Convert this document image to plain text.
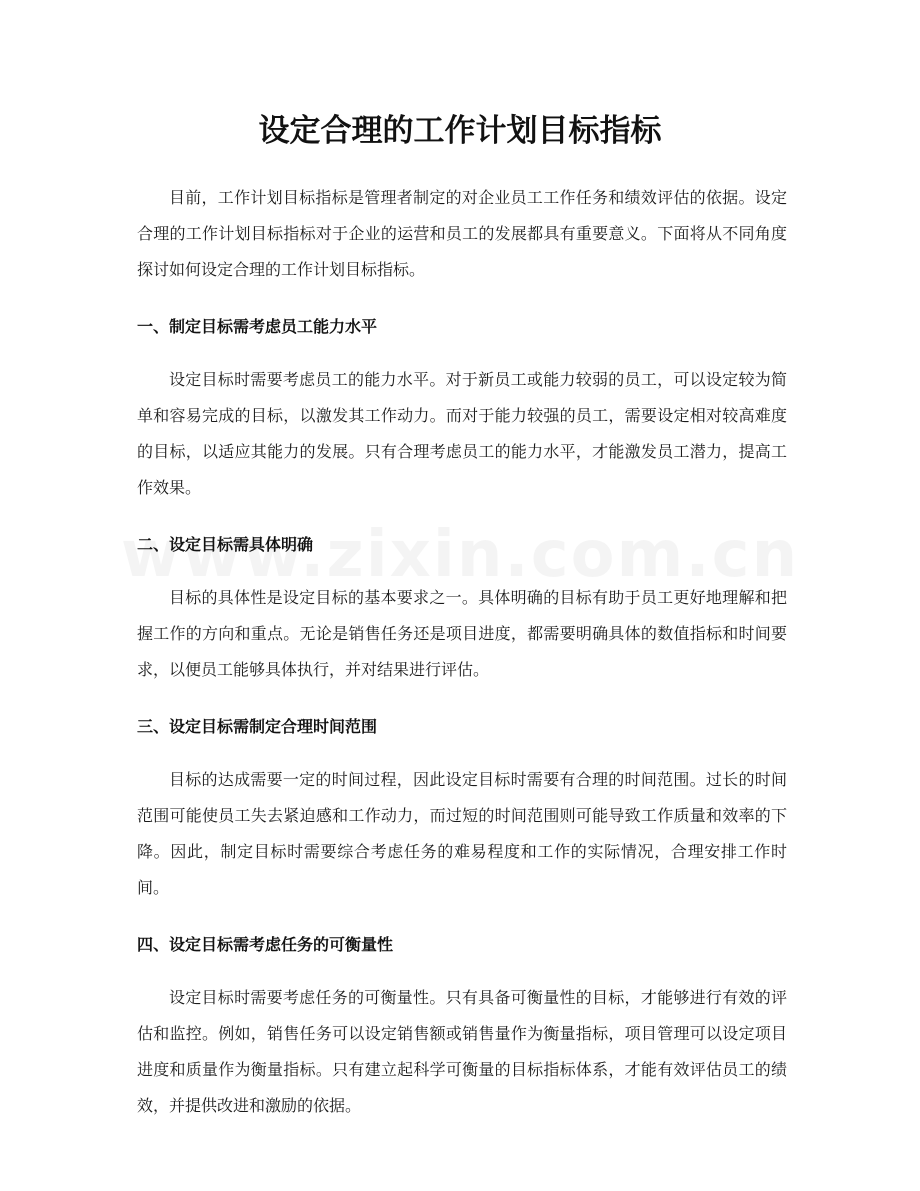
设定合理的工作计划目标指标

目前，工作计划目标指标是管理者制定的对企业员工工作任务和绩效评估的依据。设定合理的工作计划目标指标对于企业的运营和员工的发展都具有重要意义。下面将从不同角度探讨如何设定合理的工作计划目标指标。

一、制定目标需考虑员工能力水平

设定目标时需要考虑员工的能力水平。对于新员工或能力较弱的员工，可以设定较为简单和容易完成的目标，以激发其工作动力。而对于能力较强的员工，需要设定相对较高难度的目标，以适应其能力的发展。只有合理考虑员工的能力水平，才能激发员工潜力，提高工作效果。

二、设定目标需具体明确

目标的具体性是设定目标的基本要求之一。具体明确的目标有助于员工更好地理解和把握工作的方向和重点。无论是销售任务还是项目进度，都需要明确具体的数值指标和时间要求，以便员工能够具体执行，并对结果进行评估。

三、设定目标需制定合理时间范围

目标的达成需要一定的时间过程，因此设定目标时需要有合理的时间范围。过长的时间范围可能使员工失去紧迫感和工作动力，而过短的时间范围则可能导致工作质量和效率的下降。因此，制定目标时需要综合考虑任务的难易程度和工作的实际情况，合理安排工作时间。

四、设定目标需考虑任务的可衡量性

设定目标时需要考虑任务的可衡量性。只有具备可衡量性的目标，才能够进行有效的评估和监控。例如，销售任务可以设定销售额或销售量作为衡量指标，项目管理可以设定项目进度和质量作为衡量指标。只有建立起科学可衡量的目标指标体系，才能有效评估员工的绩效，并提供改进和激励的依据。
